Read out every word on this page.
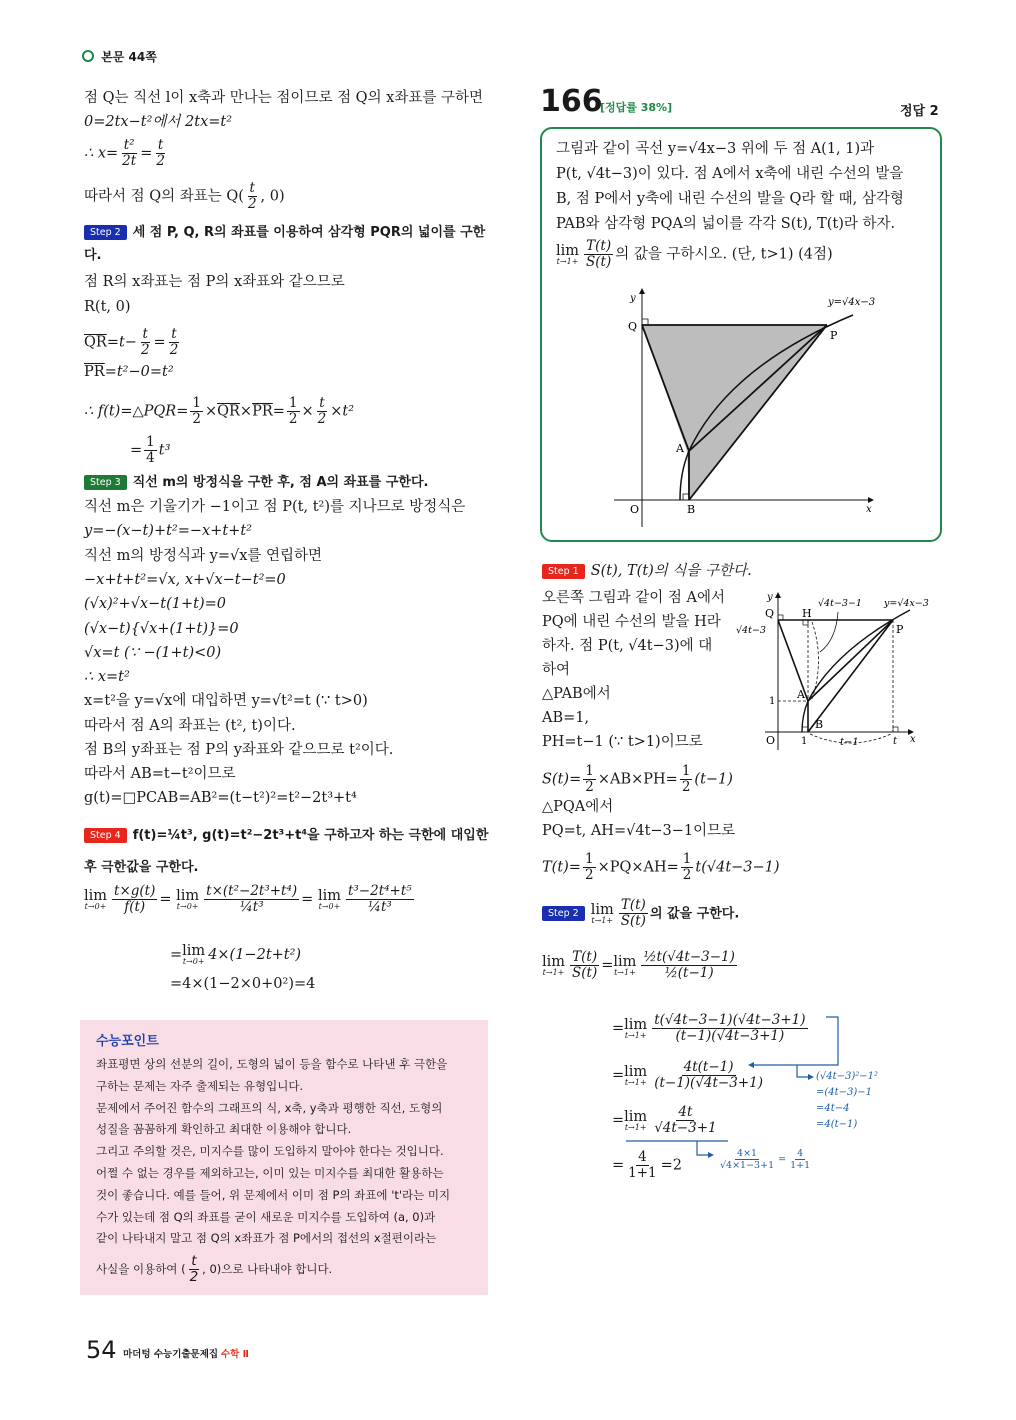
본문 44쪽
점 Q는 직선 l이 x축과 만나는 점이므로 점 Q의 x좌표를 구하면
0=2tx−t²에서 2tx=t²
∴ $x= \frac{\text{t²}}{2t} = \frac{t}{2}$
따라서 점 Q의 좌표는 $Q( \frac{t}{2}$ , 0)
Step 2 세 점 P, Q, R의 좌표를 이용하여 삼각형 PQR의 넓이를 구한
다.
점 R의 x좌표는 점 P의 x좌표와 같으므로
R(t, 0)
$\overline{QR}=t- \frac{t}{2} = \frac{t}{2}$
$\overline{PR}=t^2-0=t^2$
∴ f(t)=△PQR= $\frac{1}{2} \times\overline{QR}\times\overline{PR}= \frac{1}{2} \times \frac{t}{2} \times t^2$
= $\frac{1}{4} t^3$
Step 3 직선 m의 방정식을 구한 후, 점 A의 좌표를 구한다.
직선 m은 기울기가 −1이고 점 P(t, t²)를 지나므로 방정식은
y=−(x−t)+t²=−x+t+t²
직선 m의 방정식과 y=√x를 연립하면
−x+t+t²=√x, x+√x−t−t²=0
(√x)²+√x−t(1+t)=0
(√x−t){√x+(1+t)}=0
√x=t (∵ −(1+t)<0)
∴ x=t²
x=t²을 y=√x에 대입하면 y=√t²=t (∵ t>0)
따라서 점 A의 좌표는 (t², t)이다.
점 B의 y좌표는 점 P의 y좌표와 같으므로 t²이다.
따라서 AB=t−t²이므로
g(t)=□PCAB=AB²=(t−t²)²=t²−2t³+t⁴
Step 4 f(t)=¼t³, g(t)=t²−2t³+t⁴을 구하고자 하는 극한에 대입한
후 극한값을 구한다.
lim
$t\to 0+ \frac{t\times g(t)}{f(t)} = \lim$
$t\to 0+ \frac{\text{t×(t²−2t³+t⁴)}}{\text{¼t³}} = \lim$
$t\to 0+ \frac{\text{t³−2t⁴+t⁵}}{\text{¼t³}}$
= lim
t→0+ 4×(1−2t+t²)
=4×(1−2×0+0²)=4
수능포인트
좌표평면 상의 선분의 길이, 도형의 넓이 등을 함수로 나타낸 후 극한을
구하는 문제는 자주 출제되는 유형입니다.
문제에서 주어진 함수의 그래프의 식, x축, y축과 평행한 직선, 도형의
성질을 꼼꼼하게 확인하고 최대한 이용해야 합니다.
그리고 주의할 것은, 미지수를 많이 도입하지 말아야 한다는 것입니다.
어쩔 수 없는 경우를 제외하고는, 이미 있는 미지수를 최대한 활용하는
것이 좋습니다. 예를 들어, 위 문제에서 이미 점 P의 좌표에 't'라는 미지
수가 있는데 점 Q의 좌표를 굳이 새로운 미지수를 도입하여 (a, 0)과
같이 나타내지 말고 점 Q의 x좌표가 점 P에서의 접선의 x절편이라는
사실을 이용하여 ( $\frac{t}{2}$ , 0)으로 나타내야 합니다.
166
[정답률 38%]	정답 2
그림과 같이 곡선 y=√4x−3 위에 두 점 A(1, 1)과
P(t, √4t−3)이 있다. 점 A에서 x축에 내린 수선의 발을
B, 점 P에서 y축에 내린 수선의 발을 Q라 할 때, 삼각형
PAB와 삼각형 PQA의 넓이를 각각 S(t), T(t)라 하자.
lim
$t\to 1+ \frac{T(t)}{S(t)}$ 의 값을 구하시오. (단, t>1) (4점)
y
x
O
Q
P
A
B
y=√4x−3
Step 1 S(t), T(t)의 식을 구한다.
오른쪽 그림과 같이 점 A에서
PQ에 내린 수선의 발을 H라
하자. 점 P(t, √4t−3)에 대
하여
△PAB에서
AB=1,
PH=t−1 (∵ t>1)이므로
$S(t)= \frac{1}{2} \times AB\times PH= \frac{1}{2} (t-1)$
△PQA에서
PQ=t, AH=√4t−3−1이므로
$T(t)= \frac{1}{2} \times PQ\times AH= \frac{1}{2} t(√4t-3-1)$
y
x
O
Q	H
P
A
B
√4t−3−1 y=√4x−3
√4t−3
1
1	t
t−1
Step 2 lim
$t\to 1+ \frac{T(t)}{S(t)}$ 의 값을 구한다.
lim
$t\to 1+ \frac{T(t)}{S(t)} = \lim$
$t\to 1+ \frac{\text{½t(√4t−3−1)}}{\text{½(t−1)}}$
= lim
$t\to 1+ \frac{t(√4t-3-1)(√4t-3+1)}{(t-1)(√4t-3+1)}$
= lim
$t\to 1+ \frac{4t(t-1)}{(t-1)(√4t-3+1)}$
= lim
$t\to 1+ \frac{4t}{√4t-3+1}$
= $\frac{4}{1+1} =2$
(√4t−3)²−1²
=(4t−3)−1
=4t−4
=4(t−1)
$\frac{4\times 1}{√4\times 1-3+1} = \frac{4}{1+1}$
54 마더텅 수능기출문제집 수학 Ⅱ
